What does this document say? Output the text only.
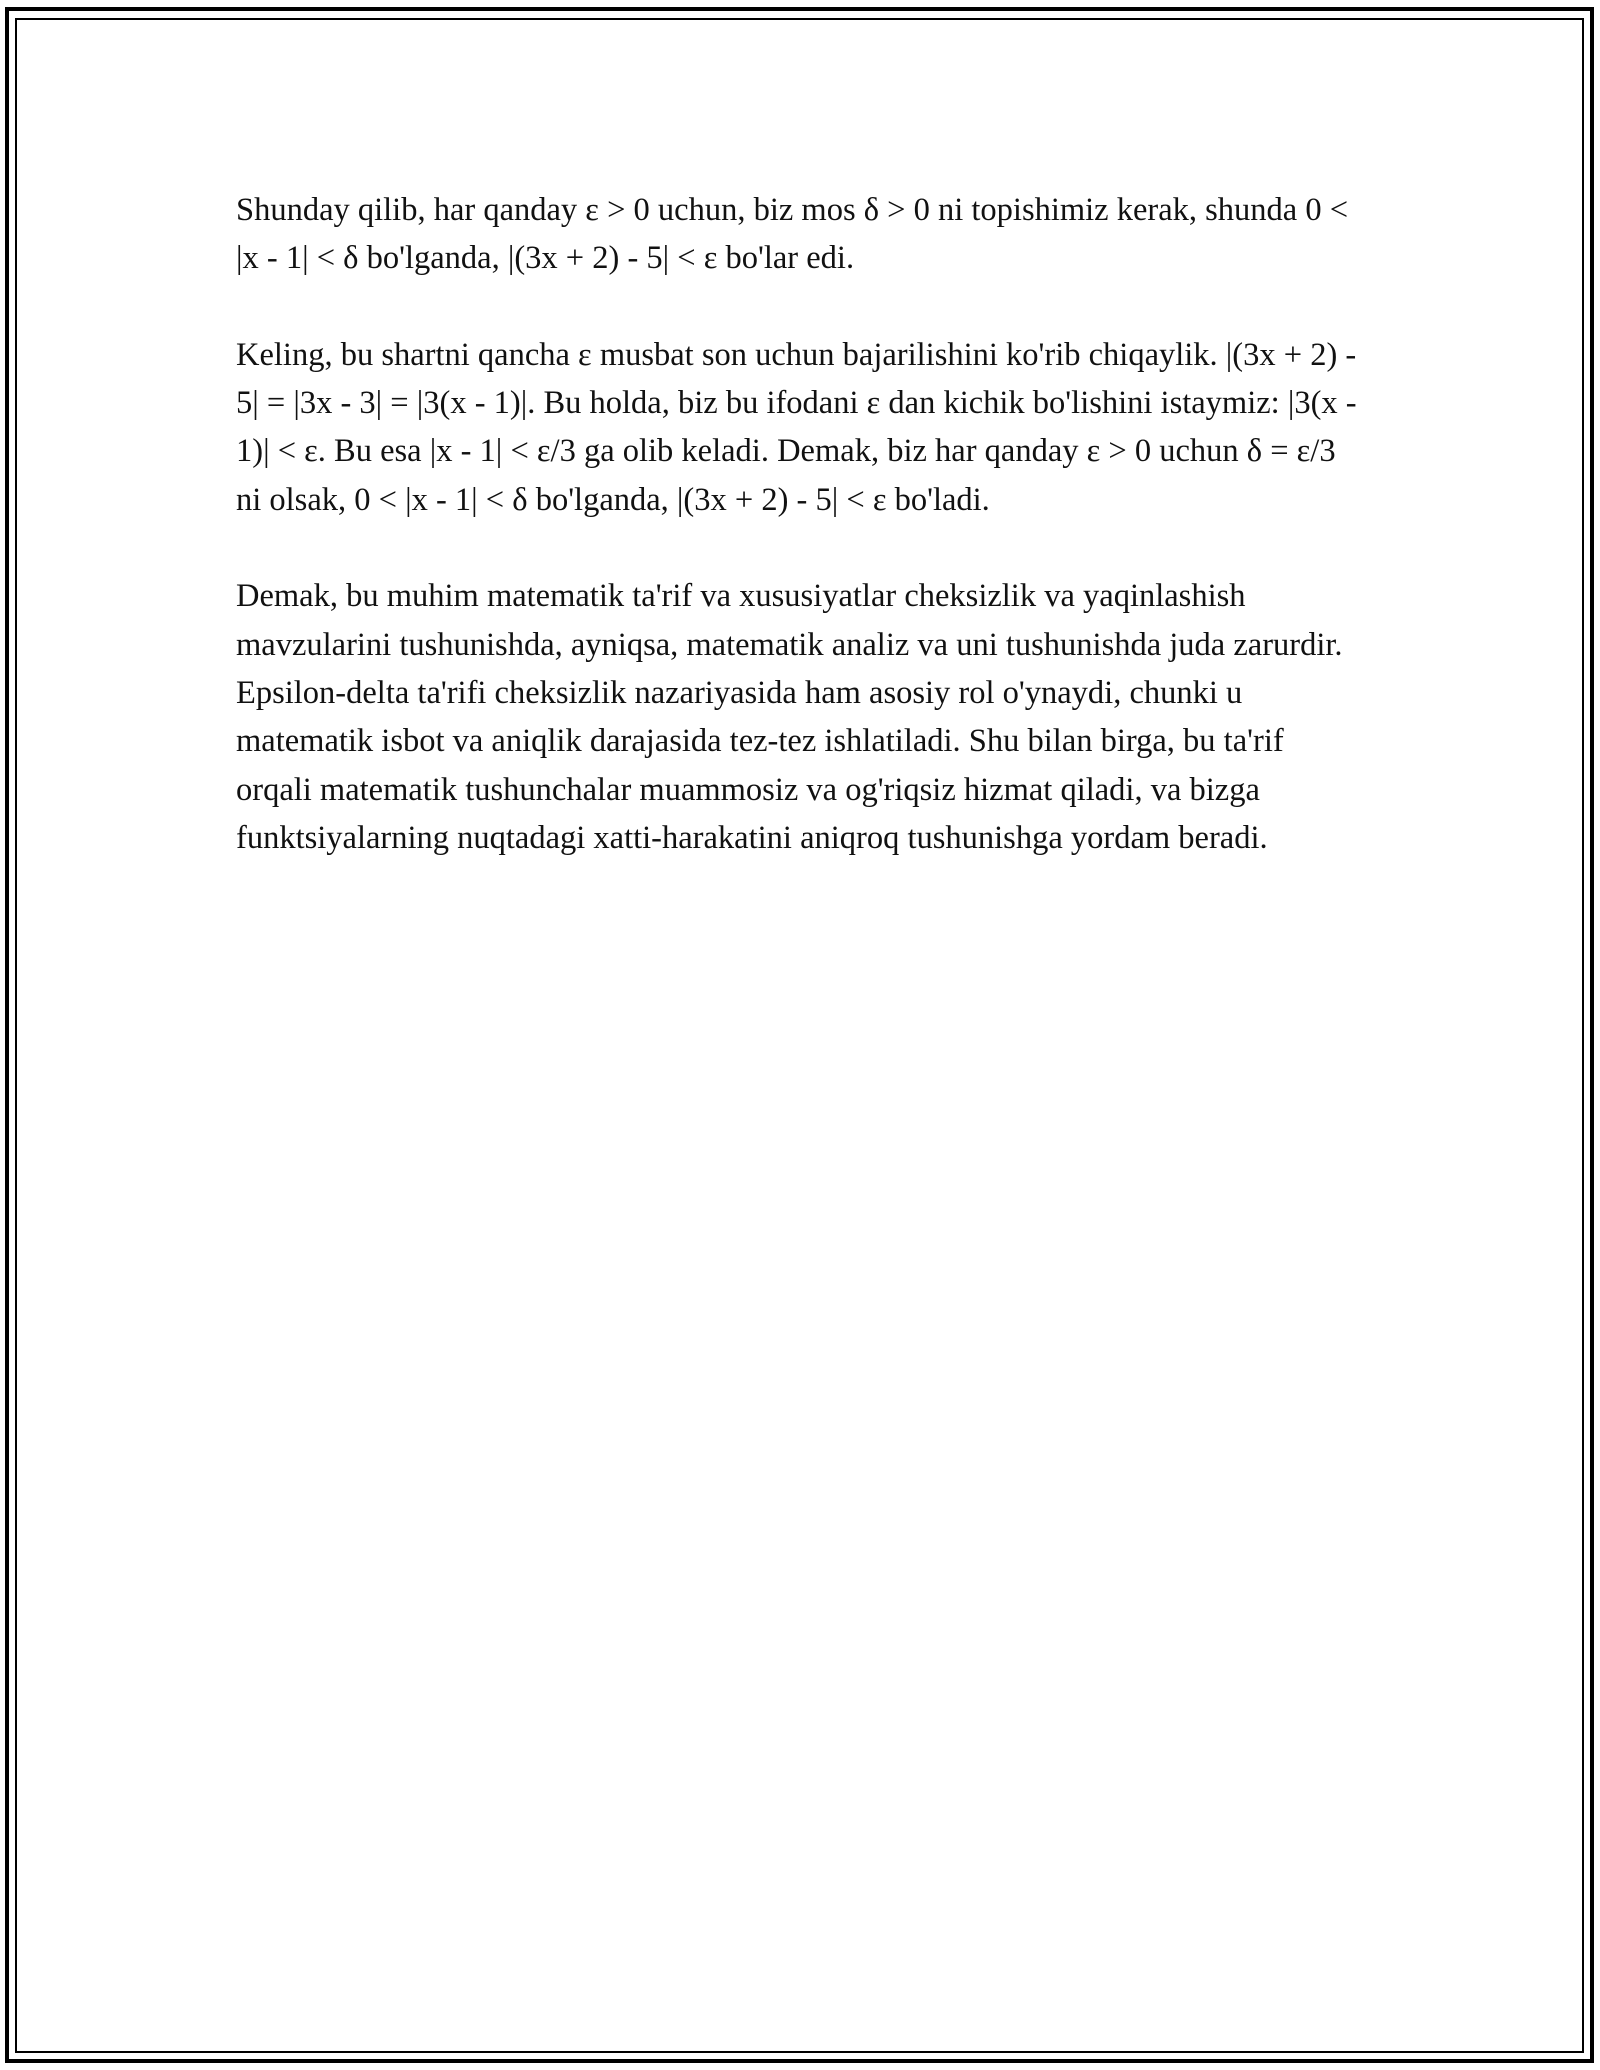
Shunday qilib, har qanday ε > 0 uchun, biz mos δ > 0 ni topishimiz kerak, shunda 0 < |x - 1| < δ bo'lganda, |(3x + 2) - 5| < ε bo'lar edi.

Keling, bu shartni qancha ε musbat son uchun bajarilishini ko'rib chiqaylik. |(3x + 2) - 5| = |3x - 3| = |3(x - 1)|. Bu holda, biz bu ifodani ε dan kichik bo'lishini istaymiz: |3(x - 1)| < ε. Bu esa |x - 1| < ε/3 ga olib keladi. Demak, biz har qanday ε > 0 uchun δ = ε/3 ni olsak, 0 < |x - 1| < δ bo'lganda, |(3x + 2) - 5| < ε bo'ladi.

Demak, bu muhim matematik ta'rif va xususiyatlar cheksizlik va yaqinlashish mavzularini tushunishda, ayniqsa, matematik analiz va uni tushunishda juda zarurdir. Epsilon-delta ta'rifi cheksizlik nazariyasida ham asosiy rol o'ynaydi, chunki u matematik isbot va aniqlik darajasida tez-tez ishlatiladi. Shu bilan birga, bu ta'rif orqali matematik tushunchalar muammosiz va og'riqsiz hizmat qiladi, va bizga funktsiyalarning nuqtadagi xatti-harakatini aniqroq tushunishga yordam beradi.
